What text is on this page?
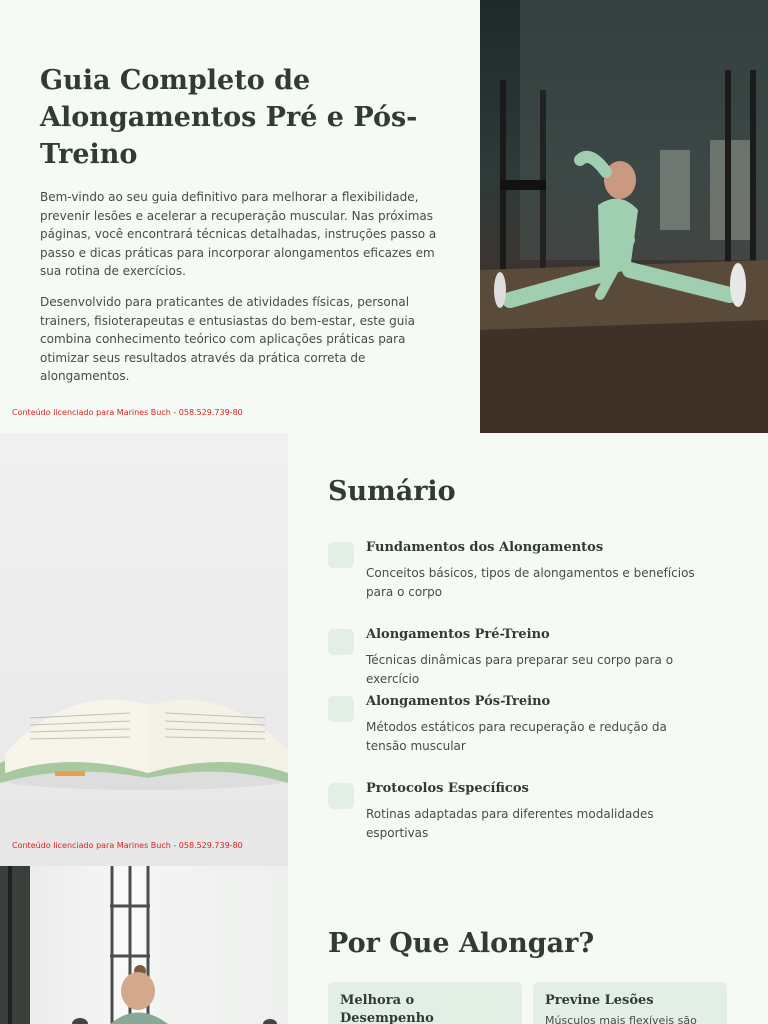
Guia Completo de Alongamentos Pré e Pós-Treino

Bem-vindo ao seu guia definitivo para melhorar a flexibilidade, prevenir lesões e acelerar a recuperação muscular. Nas próximas páginas, você encontrará técnicas detalhadas, instruções passo a passo e dicas práticas para incorporar alongamentos eficazes em sua rotina de exercícios.

Desenvolvido para praticantes de atividades físicas, personal trainers, fisioterapeutas e entusiastas do bem-estar, este guia combina conhecimento teórico com aplicações práticas para otimizar seus resultados através da prática correta de alongamentos.

Conteúdo licenciado para Marines Buch - 058.529.739-80
Sumário
Fundamentos dos Alongamentos

Conceitos básicos, tipos de alongamentos e benefícios para o corpo

Alongamentos Pré-Treino

Técnicas dinâmicas para preparar seu corpo para o exercício

Alongamentos Pós-Treino

Métodos estáticos para recuperação e redução da tensão muscular

Protocolos Específicos

Rotinas adaptadas para diferentes modalidades esportivas

Conteúdo licenciado para Marines Buch - 058.529.739-80
Por Que Alongar?
Melhora o Desempenho
Previne Lesões
Músculos mais flexíveis são
